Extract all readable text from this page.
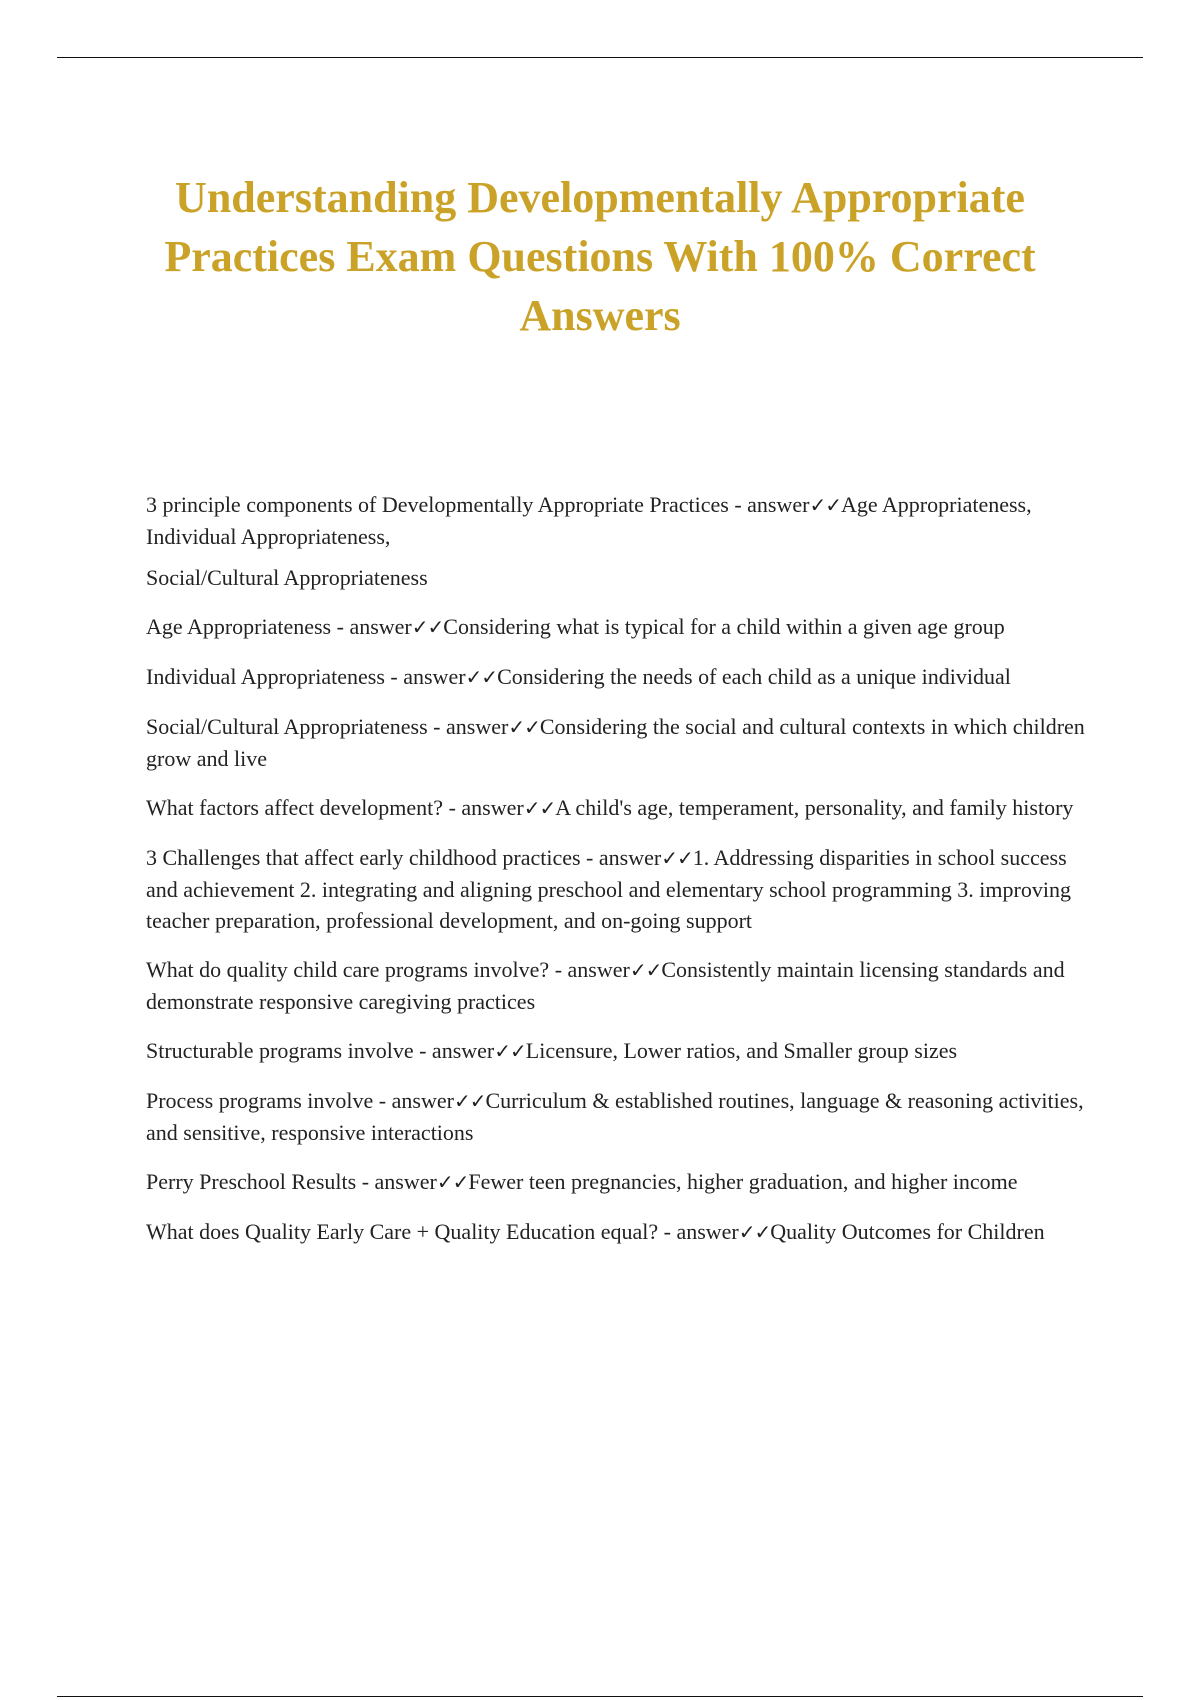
Understanding Developmentally Appropriate Practices Exam Questions With 100% Correct Answers
3 principle components of Developmentally Appropriate Practices - answer✓✓Age Appropriateness, Individual Appropriateness,
Social/Cultural Appropriateness
Age Appropriateness - answer✓✓Considering what is typical for a child within a given age group
Individual Appropriateness - answer✓✓Considering the needs of each child as a unique individual
Social/Cultural Appropriateness - answer✓✓Considering the social and cultural contexts in which children grow and live
What factors affect development? - answer✓✓A child's age, temperament, personality, and family history
3 Challenges that affect early childhood practices - answer✓✓1. Addressing disparities in school success and achievement 2. integrating and aligning preschool and elementary school programming 3. improving teacher preparation, professional development, and on-going support
What do quality child care programs involve? - answer✓✓Consistently maintain licensing standards and demonstrate responsive caregiving practices
Structurable programs involve - answer✓✓Licensure, Lower ratios, and Smaller group sizes
Process programs involve - answer✓✓Curriculum & established routines, language & reasoning activities, and sensitive, responsive interactions
Perry Preschool Results - answer✓✓Fewer teen pregnancies, higher graduation, and higher income
What does Quality Early Care + Quality Education equal? - answer✓✓Quality Outcomes for Children
